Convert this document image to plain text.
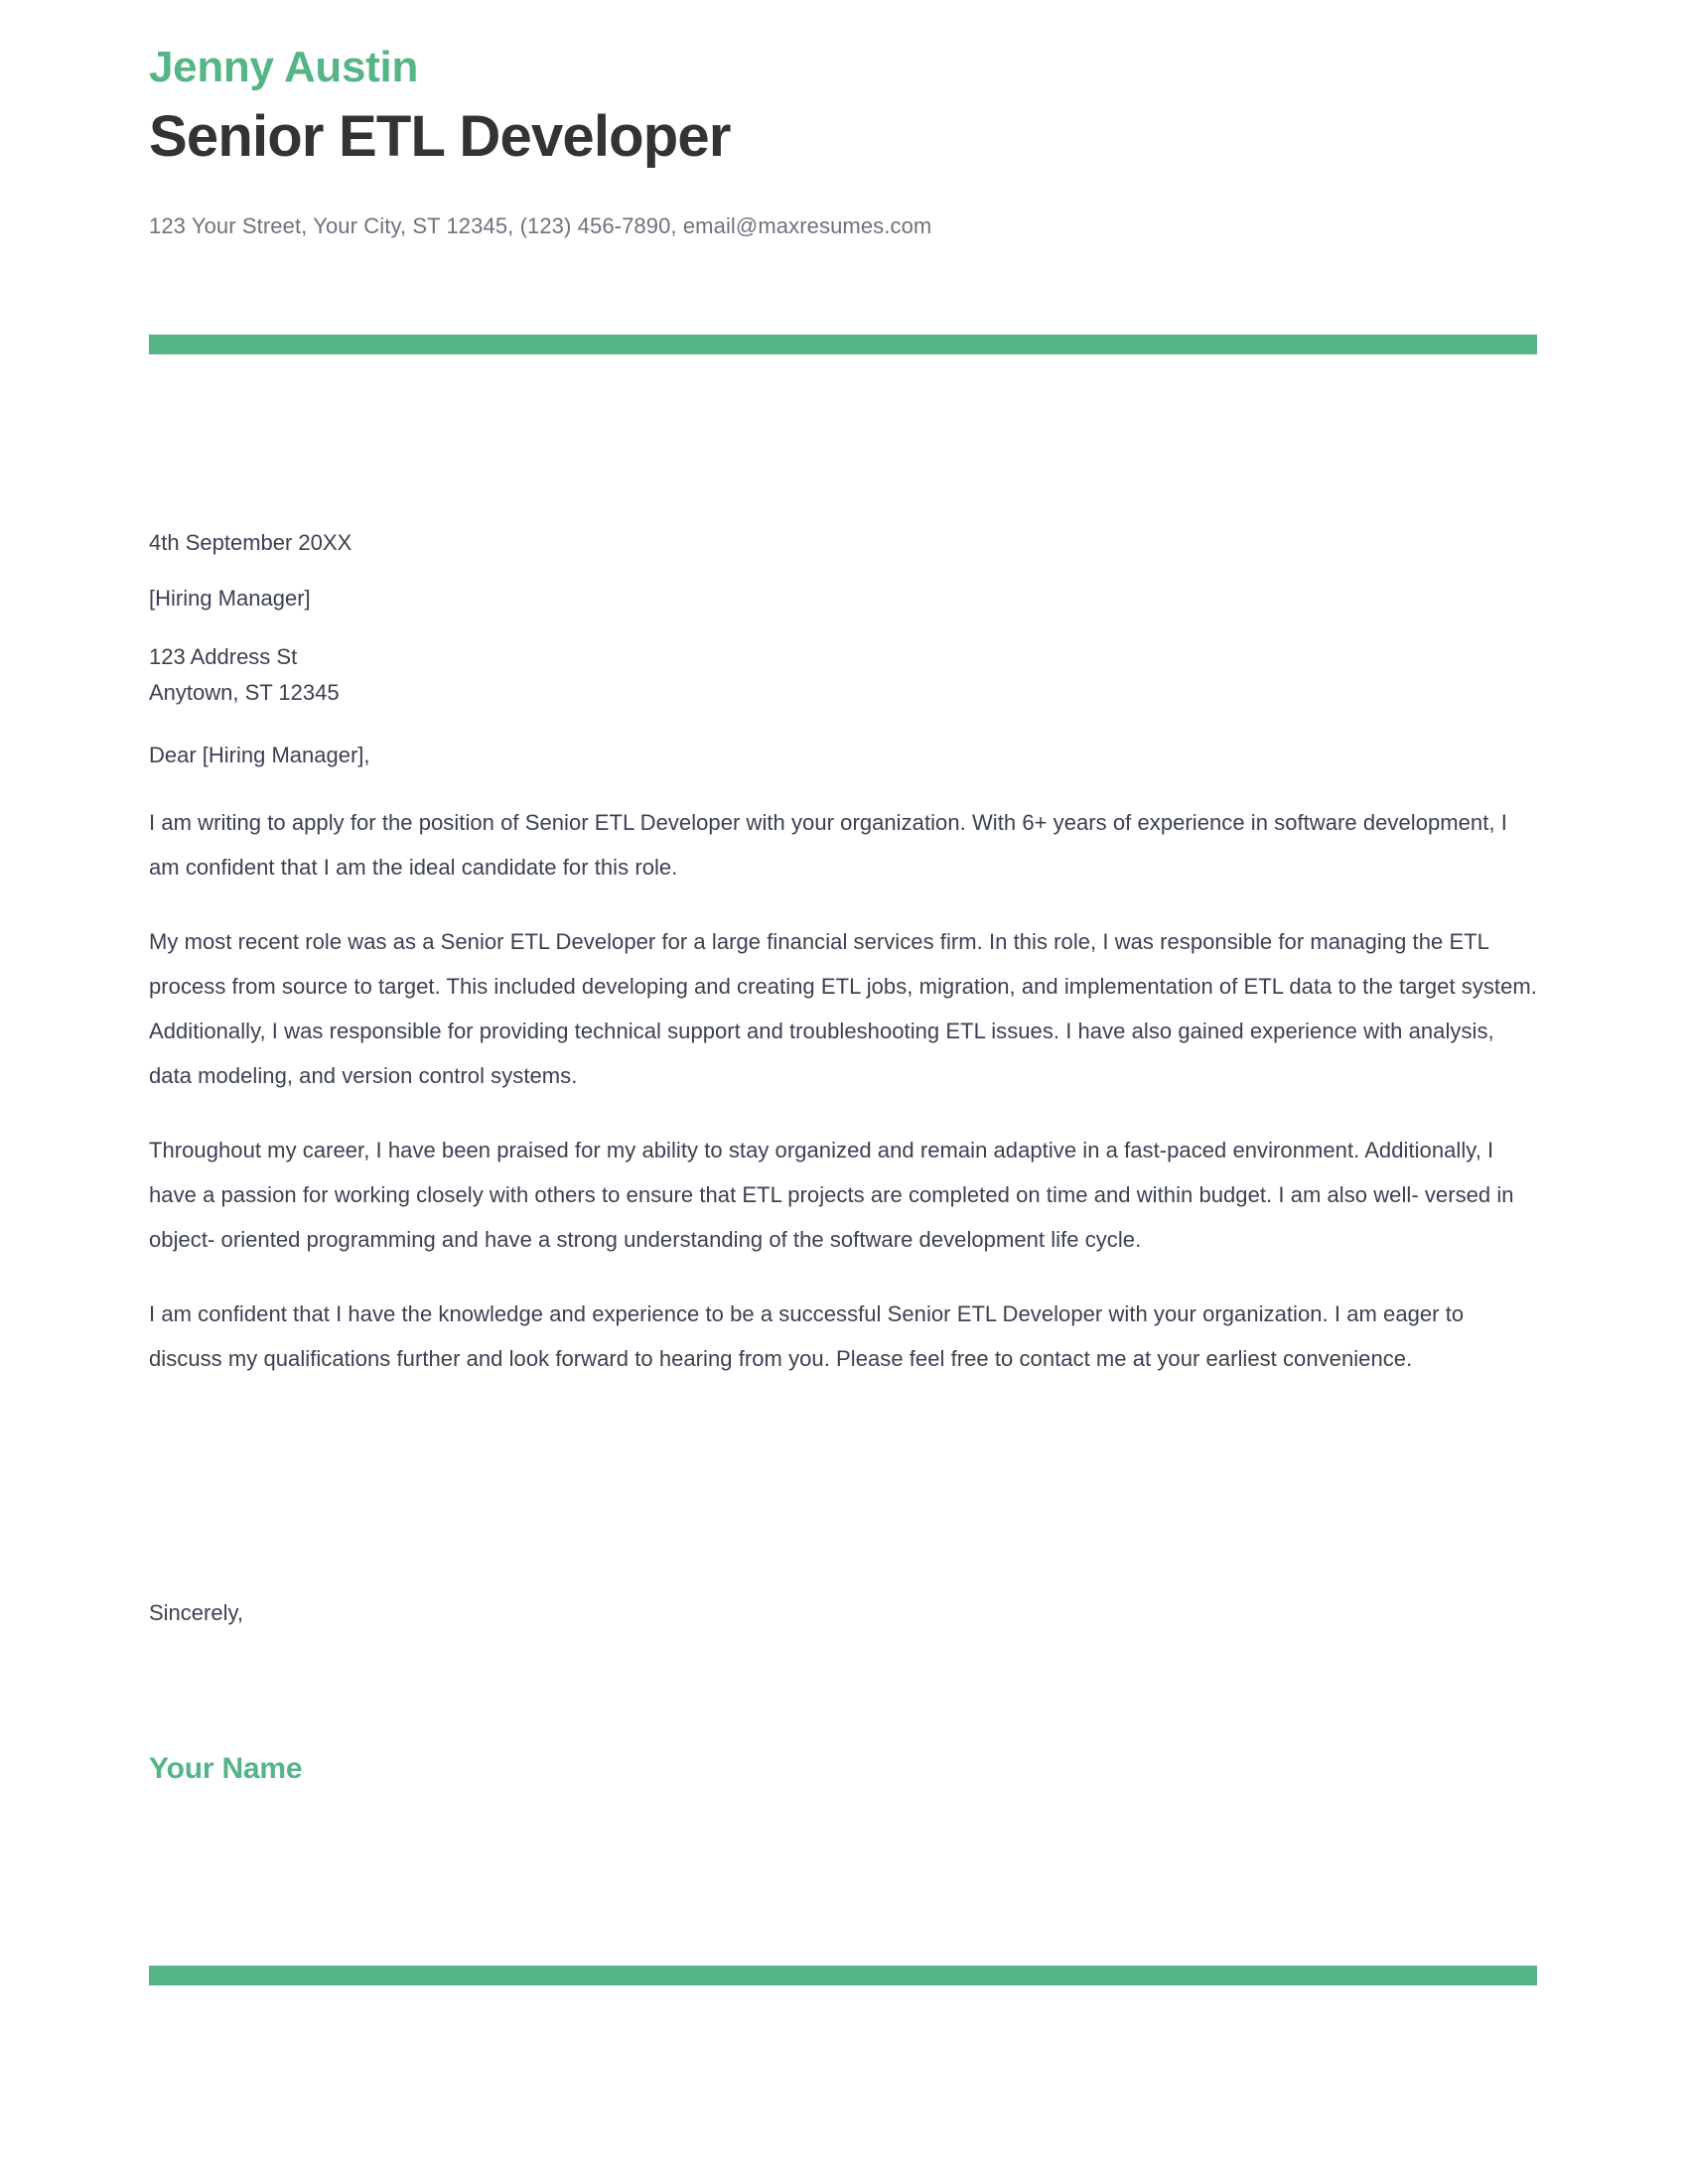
Jenny Austin
Senior ETL Developer
123 Your Street, Your City, ST 12345, (123) 456-7890, email@maxresumes.com
4th September 20XX
[Hiring Manager]
123 Address St
Anytown, ST 12345
Dear [Hiring Manager],

I am writing to apply for the position of Senior ETL Developer with your organization. With 6+ years of experience in software development, I am confident that I am the ideal candidate for this role.

My most recent role was as a Senior ETL Developer for a large financial services firm. In this role, I was responsible for managing the ETL process from source to target. This included developing and creating ETL jobs, migration, and implementation of ETL data to the target system. Additionally, I was responsible for providing technical support and troubleshooting ETL issues. I have also gained experience with analysis, data modeling, and version control systems.

Throughout my career, I have been praised for my ability to stay organized and remain adaptive in a fast-paced environment. Additionally, I have a passion for working closely with others to ensure that ETL projects are completed on time and within budget. I am also well- versed in object- oriented programming and have a strong understanding of the software development life cycle.

I am confident that I have the knowledge and experience to be a successful Senior ETL Developer with your organization. I am eager to discuss my qualifications further and look forward to hearing from you. Please feel free to contact me at your earliest convenience.

Sincerely,
Your Name
